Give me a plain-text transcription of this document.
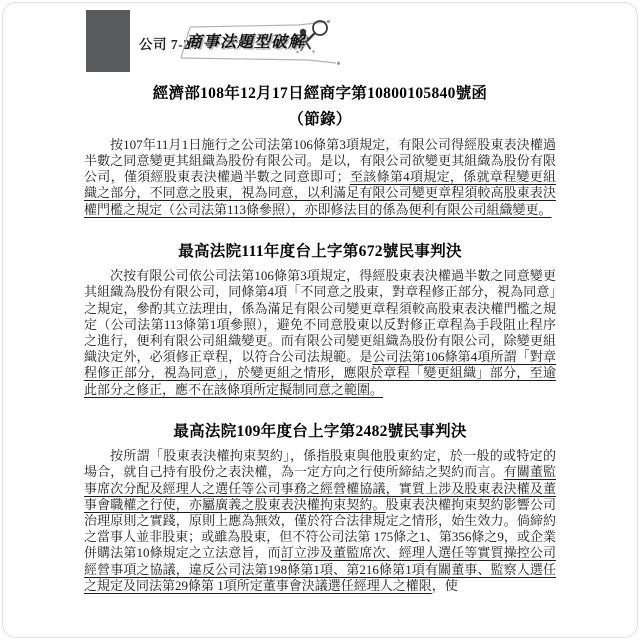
公司 7-24
商事法題型破解
經濟部108年12月17日經商字第10800105840號函
（節錄）

按107年11月1日施行之公司法第106條第3項規定，有限公司得經股東表決權過半數之同意變更其組織為股份有限公司。是以，有限公司欲變更其組織為股份有限公司，僅須經股東表決權過半數之同意即可；至該條第4項規定，係就章程變更組織之部分，不同意之股東，視為同意，以利滿足有限公司變更章程須較高股東表決權門檻之規定（公司法第113條參照），亦即修法目的係為便利有限公司組織變更。

最高法院111年度台上字第672號民事判決

次按有限公司依公司法第106條第3項規定，得經股東表決權過半數之同意變更其組織為股份有限公司，同條第4項「不同意之股東，對章程修正部分，視為同意」之規定，參酌其立法理由，係為滿足有限公司變更章程須較高股東表決權門檻之規定（公司法第113條第1項參照），避免不同意股東以反對修正章程為手段阻止程序之進行，便利有限公司組織變更。而有限公司變更組織為股份有限公司，除變更組織決定外，必須修正章程，以符合公司法規範。是公司法第106條第4項所謂「對章程修正部分，視為同意」，於變更組之情形，應限於章程「變更組織」部分，至逾此部分之修正，應不在該條項所定擬制同意之範圍。

最高法院109年度台上字第2482號民事判決

按所謂「股東表決權拘束契約」，係指股東與他股東約定，於一般的或特定的場合，就自己持有股份之表決權，為一定方向之行使所締結之契約而言。有關董監事席次分配及經理人之選任等公司事務之經營權協議，實質上涉及股東表決權及董事會職權之行使，亦屬廣義之股東表決權拘束契約。股東表決權拘束契約影響公司治理原則之實踐，原則上應為無效，僅於符合法律規定之情形，始生效力。倘締約之當事人並非股東；或雖為股東，但不符公司法第 175條之1、第356條之9，或企業併購法第10條規定之立法意旨，而訂立涉及董監席次、經理人選任等實質操控公司經營事項之協議，違反公司法第198條第1項、第216條第1項有關董事、監察人選任之規定及同法第29條第 1項所定董事會決議選任經理人之權限，使
